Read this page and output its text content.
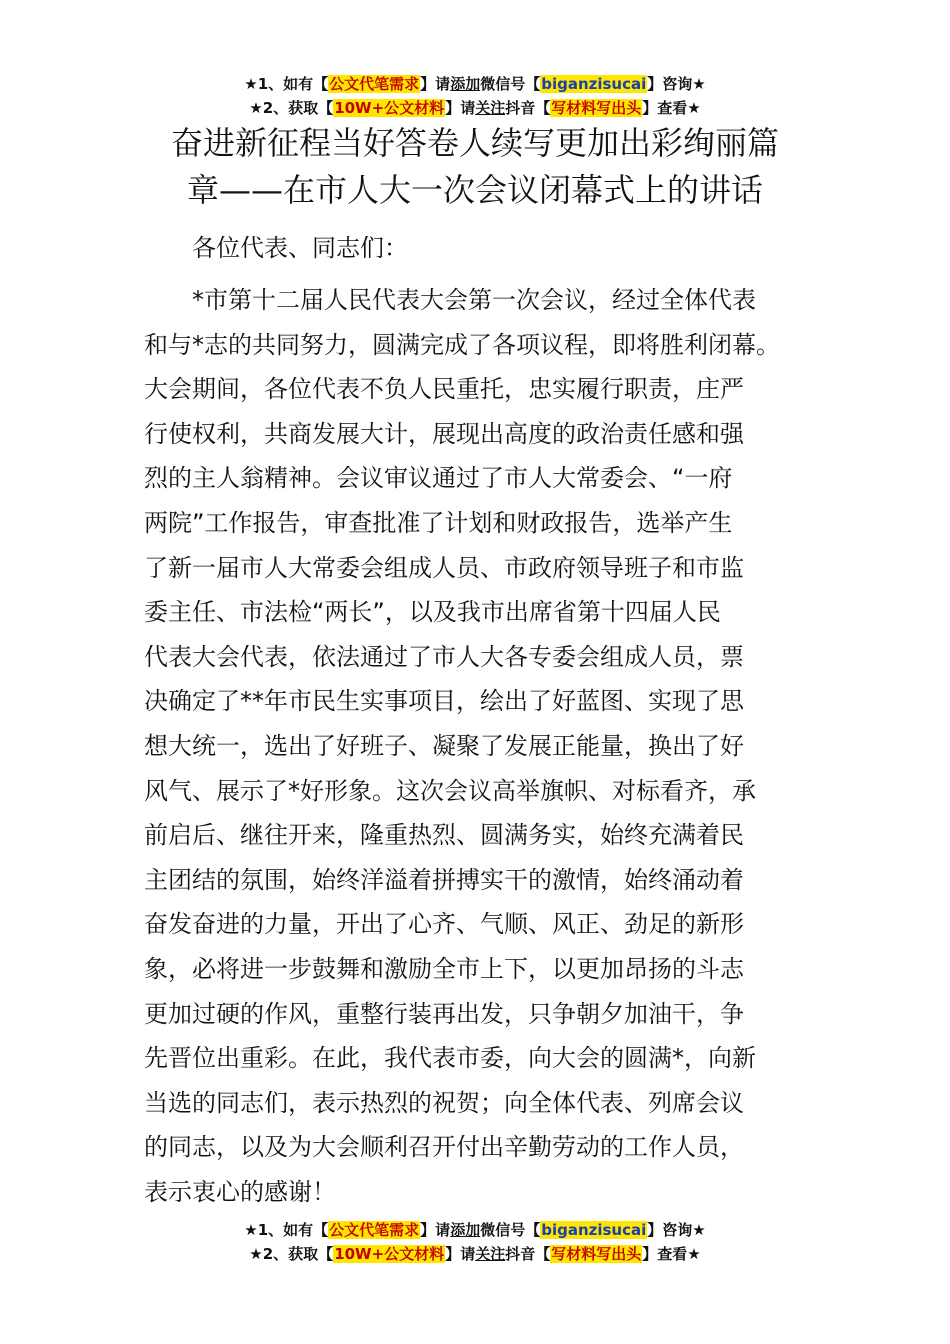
★1、如有【公文代笔需求】请添加微信号【biganzisucai】咨询★
★2、获取【10W+公文材料】请关注抖音【写材料写出头】查看★
奋进新征程当好答卷人续写更加出彩绚丽篇
章——在市人大一次会议闭幕式上的讲话
各位代表、同志们：
　　*市第十二届人民代表大会第一次会议，经过全体代表
和与*志的共同努力，圆满完成了各项议程，即将胜利闭幕。
大会期间，各位代表不负人民重托，忠实履行职责，庄严
行使权利，共商发展大计，展现出高度的政治责任感和强
烈的主人翁精神。会议审议通过了市人大常委会、“一府
两院”工作报告，审查批准了计划和财政报告，选举产生
了新一届市人大常委会组成人员、市政府领导班子和市监
委主任、市法检“两长”，以及我市出席省第十四届人民
代表大会代表，依法通过了市人大各专委会组成人员，票
决确定了**年市民生实事项目，绘出了好蓝图、实现了思
想大统一，选出了好班子、凝聚了发展正能量，换出了好
风气、展示了*好形象。这次会议高举旗帜、对标看齐，承
前启后、继往开来，隆重热烈、圆满务实，始终充满着民
主团结的氛围，始终洋溢着拼搏实干的激情，始终涌动着
奋发奋进的力量，开出了心齐、气顺、风正、劲足的新形
象，必将进一步鼓舞和激励全市上下，以更加昂扬的斗志
更加过硬的作风，重整行装再出发，只争朝夕加油干，争
先晋位出重彩。在此，我代表市委，向大会的圆满*，向新
当选的同志们，表示热烈的祝贺；向全体代表、列席会议
的同志，以及为大会顺利召开付出辛勤劳动的工作人员，
表示衷心的感谢！
★1、如有【公文代笔需求】请添加微信号【biganzisucai】咨询★
★2、获取【10W+公文材料】请关注抖音【写材料写出头】查看★
